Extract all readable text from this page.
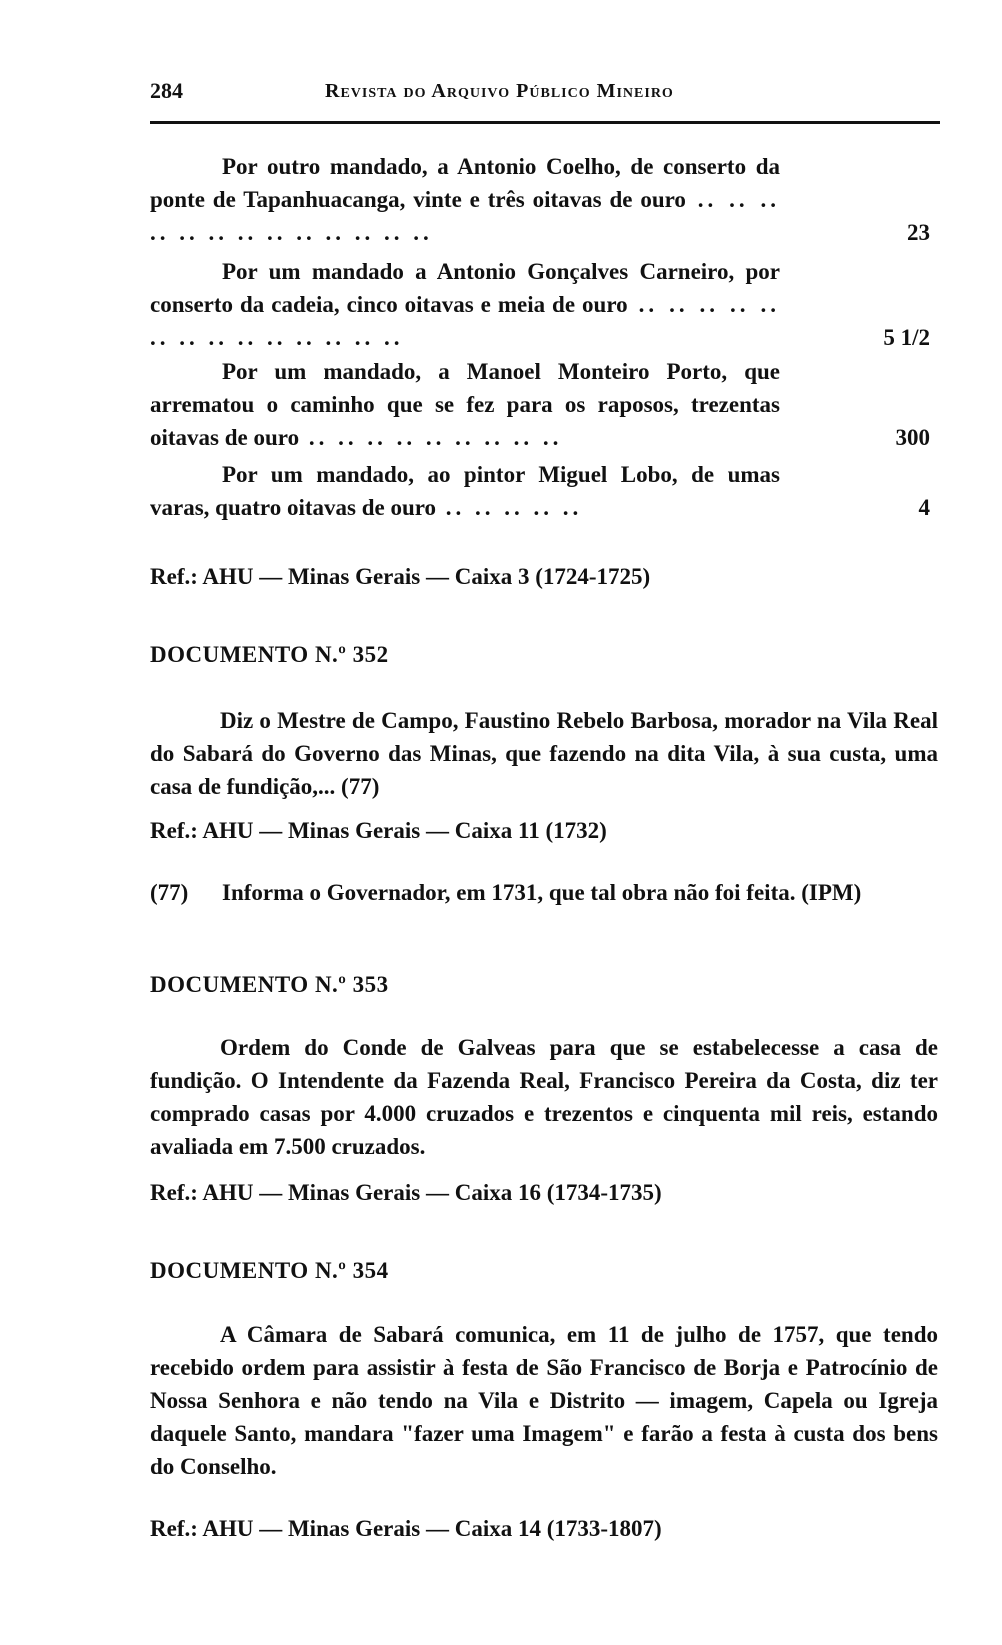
284	Revista do Arquivo Público Mineiro

Por outro mandado, a Antonio Coelho, de conserto da ponte de Tapanhuacanga, vinte e três oitavas de ouro .. .. .. .. .. .. .. .. .. .. .. .. ..	23

Por um mandado a Antonio Gonçalves Carneiro, por conserto da cadeia, cinco oitavas e meia de ouro .. .. .. .. .. .. .. .. .. .. .. .. .. ..	5 1/2

Por um mandado, a Manoel Monteiro Porto, que arrematou o caminho que se fez para os raposos, trezentas oitavas de ouro .. .. .. .. .. .. .. .. ..	300

Por um mandado, ao pintor Miguel Lobo, de umas varas, quatro oitavas de ouro .. .. .. .. ..	4
Ref.: AHU — Minas Gerais — Caixa 3 (1724-1725)
DOCUMENTO N.º 352

Diz o Mestre de Campo, Faustino Rebelo Barbosa, morador na Vila Real do Sabará do Governo das Minas, que fazendo na dita Vila, à sua custa, uma casa de fundição,... (77)

Ref.: AHU — Minas Gerais — Caixa 11 (1732)
(77) Informa o Governador, em 1731, que tal obra não foi feita. (IPM)
DOCUMENTO N.º 353

Ordem do Conde de Galveas para que se estabelecesse a casa de fundição. O Intendente da Fazenda Real, Francisco Pereira da Costa, diz ter comprado casas por 4.000 cruzados e trezentos e cinquenta mil reis, estando avaliada em 7.500 cruzados.

Ref.: AHU — Minas Gerais — Caixa 16 (1734-1735)
DOCUMENTO N.º 354

A Câmara de Sabará comunica, em 11 de julho de 1757, que tendo recebido ordem para assistir à festa de São Francisco de Borja e Patrocínio de Nossa Senhora e não tendo na Vila e Distrito — imagem, Capela ou Igreja daquele Santo, mandara "fazer uma Imagem" e farão a festa à custa dos bens do Conselho.

Ref.: AHU — Minas Gerais — Caixa 14 (1733-1807)
